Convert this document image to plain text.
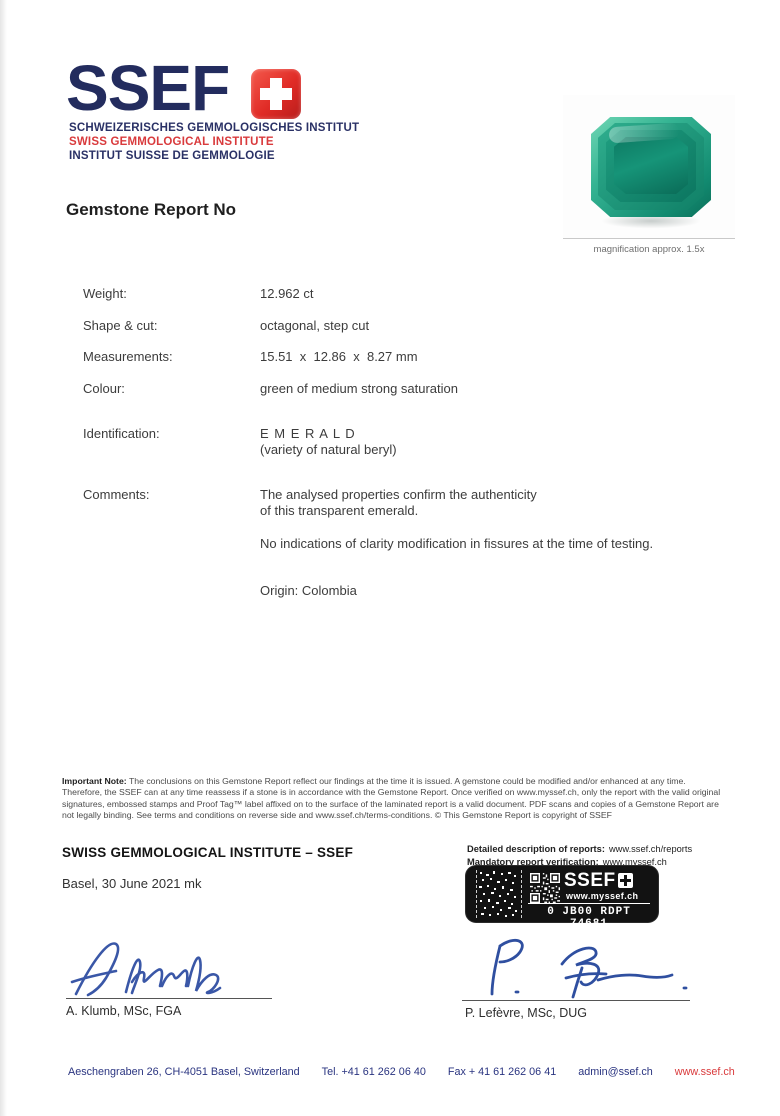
SSEF
SCHWEIZERISCHES GEMMOLOGISCHES INSTITUT
SWISS GEMMOLOGICAL INSTITUTE
INSTITUT SUISSE DE GEMMOLOGIE
Gemstone Report No
magnification approx. 1.5x
Weight:	12.962 ct
Shape & cut:	octagonal, step cut
Measurements:	15.51  x  12.86  x  8.27 mm
Colour:	green of medium strong saturation
Identification:	E M E R A L D
(variety of natural beryl)
Comments:	The analysed properties confirm the authenticity
of this transparent emerald.
No indications of clarity modification in fissures at the time of testing.
Origin: Colombia
Important Note: The conclusions on this Gemstone Report reflect our findings at the time it is issued. A gemstone could be modified and/or enhanced at any time. Therefore, the SSEF can at any time reassess if a stone is in accordance with the Gemstone Report. Once verified on www.myssef.ch, only the report with the valid original signatures, embossed stamps and Proof Tag™ label affixed on to the surface of the laminated report is a valid document. PDF scans and copies of a Gemstone Report are not legally binding. See terms and conditions on reverse side and www.ssef.ch/terms-conditions. © This Gemstone Report is copyright of SSEF
SWISS GEMMOLOGICAL INSTITUTE – SSEF
Basel, 30 June 2021 mk
Detailed description of reports: www.ssef.ch/reports
Mandatory report verification: www.myssef.ch
SSEF
www.myssef.ch
0 JB00 RDPT 74681
A. Klumb, MSc, FGA	P. Lefèvre, MSc, DUG
Aeschengraben 26, CH-4051 Basel, Switzerland Tel. +41 61 262 06 40 Fax + 41 61 262 06 41 admin@ssef.ch www.ssef.ch
